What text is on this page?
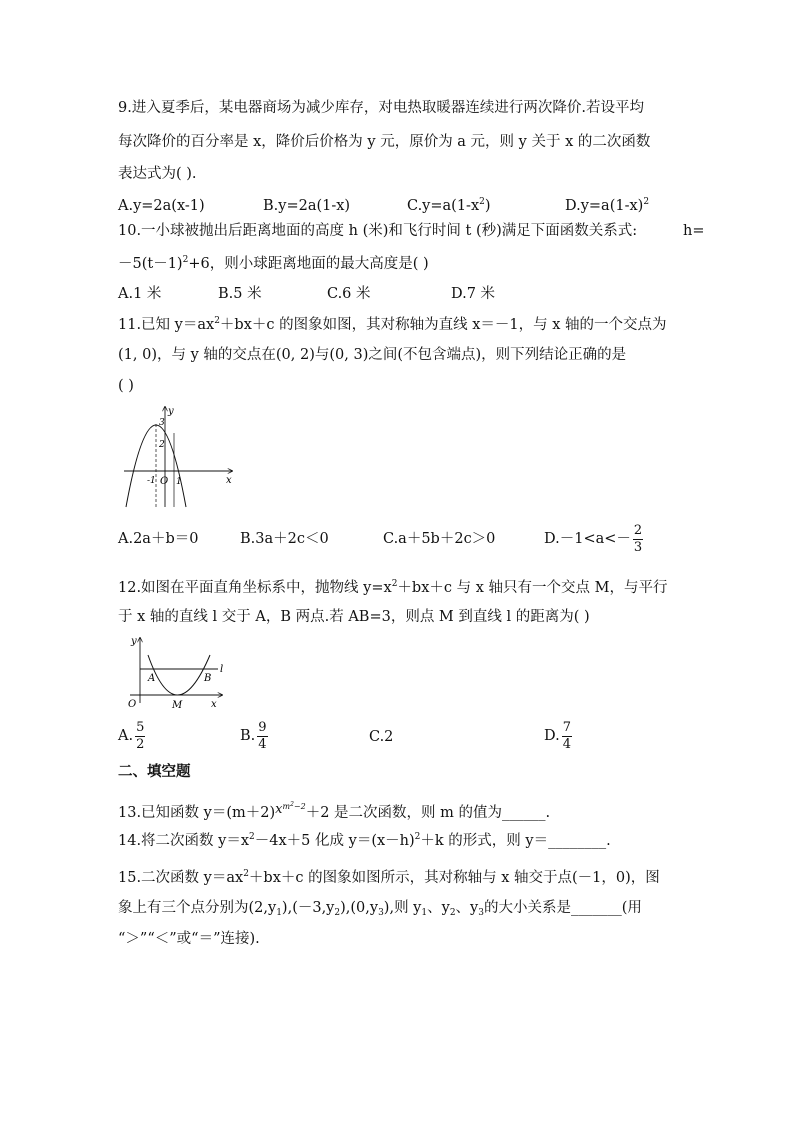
9.进入夏季后，某电器商场为减少库存，对电热取暖器连续进行两次降价.若设平均
每次降价的百分率是 x，降价后价格为 y 元，原价为 a 元，则 y 关于 x 的二次函数
表达式为( ).
A.y=2a(x-1)	B.y=2a(1-x)	$C.y=a(1-x^2)$	$D.y=a(1-x)^2$
10.一小球被抛出后距离地面的高度 h (米)和飞行时间 t (秒)满足下面函数关系式:	h=
$-5(t-1)^2+6$，则小球距离地面的最大高度是( )
A.1 米	B.5 米	C.6 米	D.7 米
11.已知 $y=ax^2+bx+c$ 的图象如图，其对称轴为直线 x＝－1，与 x 轴的一个交点为
(1, 0)，与 y 轴的交点在(0, 2)与(0, 3)之间(不包含端点)，则下列结论正确的是
( )
y
x
3
2
-1 O 1
A.2a＋b＝0	B.3a＋2c＜0	C.a＋5b＋2c＞0	$D.-1<a<- \frac{2}{3}$
12.如图在平面直角坐标系中，抛物线 $y=x^2+bx+c$ 与 x 轴只有一个交点 M，与平行
于 x 轴的直线 l 交于 A，B 两点.若 AB=3，则点 M 到直线 l 的距离为( )
y
x
l
A	B
O	M
A. $\frac{5}{2}$	B. $\frac{9}{4}$	C.2	D. $\frac{7}{4}$
二、填空题
13.已知函数 $y=(m+2)x^{m^2-2}+2$ 是二次函数，则 m 的值为______.
14.将二次函数 $y=x^2-4x+5$ 化成 $y=(x-h)^2+k$ 的形式，则 y＝________.
15.二次函数 $y=ax^2+bx+c$ 的图象如图所示，其对称轴与 x 轴交于点(－1，0)，图
象上有三个点分别为$(2,y_1),(-3,y_2),(0,y_3)$,则 $y_1$、$y_2$、$y_3$的大小关系是_______(用
“＞”“＜”或“＝”连接).
